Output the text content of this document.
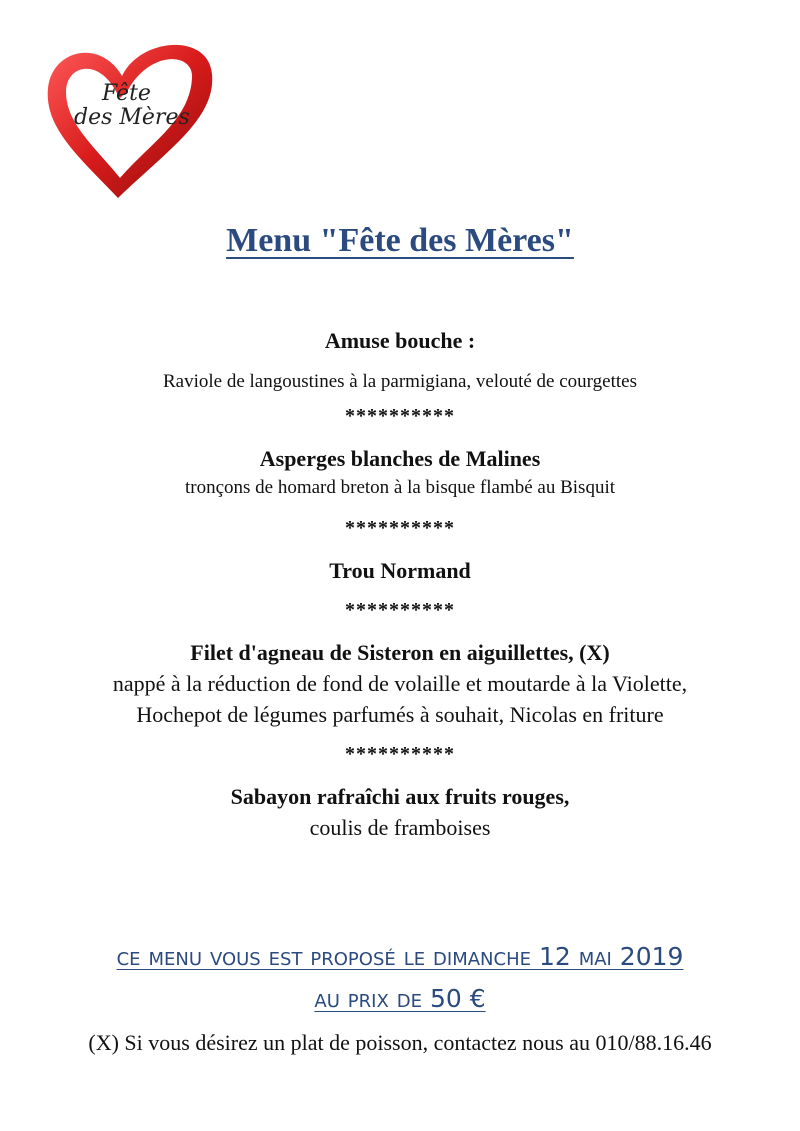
Fête
des Mères
Menu "Fête des Mères"
Amuse bouche :
Raviole de langoustines à la parmigiana, velouté de courgettes
**********
Asperges blanches de Malines
tronçons de homard breton à la bisque flambé au Bisquit
**********
Trou Normand
**********
Filet d'agneau de Sisteron en aiguillettes, (X)
nappé à la réduction de fond de volaille et moutarde à la Violette,
Hochepot de légumes parfumés à souhait, Nicolas en friture
**********
Sabayon rafraîchi aux fruits rouges,
coulis de framboises
ce menu vous est proposé le dimanche 12 mai 2019
au prix de 50 €
(X) Si vous désirez un plat de poisson, contactez nous au 010/88.16.46
